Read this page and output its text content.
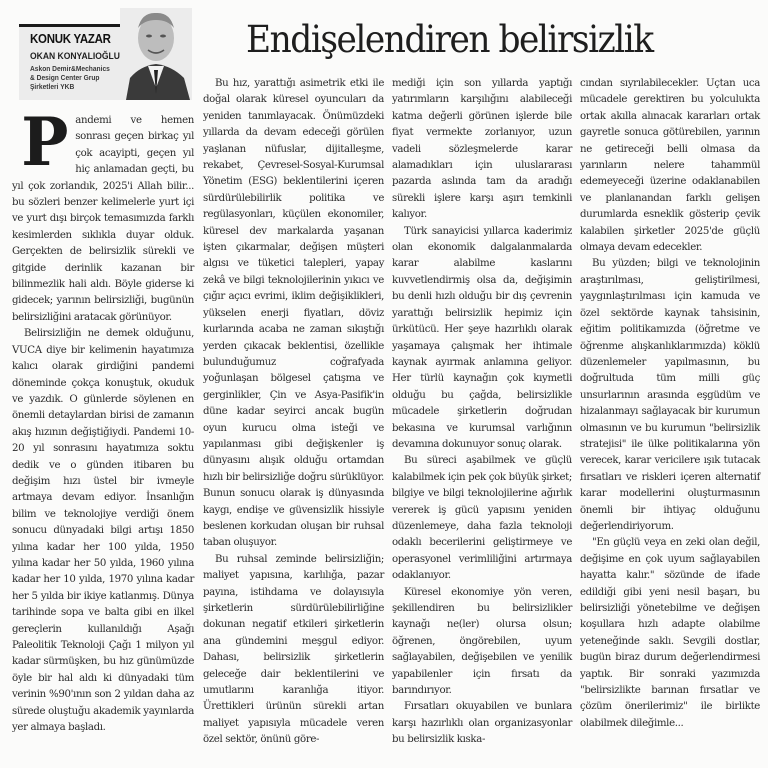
KONUK YAZAR
OKAN KONYALIOĞLU
Askon Demir&Mechanics
& Design Center Grup
Şirketleri YKB
Endişelendiren belirsizlik

Pandemi ve hemen sonrası geçen birkaç yıl çok acayipti, geçen yıl hiç anlamadan geçti, bu yıl çok zorlandık, 2025'i Allah bilir... bu sözleri benzer kelimelerle yurt içi ve yurt dışı birçok temasımızda farklı kesimlerden sıklıkla duyar olduk. Gerçekten de belirsizlik sürekli ve gitgide derinlik kazanan bir bilinmezlik hali aldı. Böyle giderse ki gidecek; yarının belirsizliği, bugünün belirsizliğini aratacak görünüyor.

Belirsizliğin ne demek olduğunu, VUCA diye bir kelimenin hayatımıza kalıcı olarak girdiğini pandemi döneminde çokça konuştuk, okuduk ve yazdık. O günlerde söylenen en önemli detaylardan birisi de zamanın akış hızının değiştiğiydi. Pandemi 10-20 yıl sonrasını hayatımıza soktu dedik ve o günden itibaren bu değişim hızı üstel bir ivmeyle artmaya devam ediyor. İnsanlığın bilim ve teknolojiye verdiği önem sonucu dünyadaki bilgi artışı 1850 yılına kadar her 100 yılda, 1950 yılına kadar her 50 yılda, 1960 yılına kadar her 10 yılda, 1970 yılına kadar her 5 yılda bir ikiye katlanmış. Dünya tarihinde sopa ve balta gibi en ilkel gereçlerin kullanıldığı Aşağı Paleolitik Teknoloji Çağı 1 milyon yıl kadar sürmüşken, bu hız günümüzde öyle bir hal aldı ki dünyadaki tüm verinin %90'ının son 2 yıldan daha az sürede oluştuğu akademik yayınlarda yer almaya başladı.

Bu hız, yarattığı asimetrik etki ile doğal olarak küresel oyuncuları da yeniden tanımlayacak. Önümüzdeki yıllarda da devam edeceği görülen yaşlanan nüfuslar, dijitalleşme, rekabet, Çevresel-Sosyal-Kurumsal Yönetim (ESG) beklentilerini içeren sürdürülebilirlik politika ve regülasyonları, küçülen ekonomiler, küresel dev markalarda yaşanan işten çıkarmalar, değişen müşteri algısı ve tüketici talepleri, yapay zekâ ve bilgi teknolojilerinin yıkıcı ve çığır açıcı evrimi, iklim değişiklikleri, yükselen enerji fiyatları, döviz kurlarında acaba ne zaman sıkıştığı yerden çıkacak beklentisi, özellikle bulunduğumuz coğrafyada yoğunlaşan bölgesel çatışma ve gerginlikler, Çin ve Asya-Pasifik'in düne kadar seyirci ancak bugün oyun kurucu olma isteği ve yapılanması gibi değişkenler iş dünyasını alışık olduğu ortamdan hızlı bir belirsizliğe doğru sürüklüyor. Bunun sonucu olarak iş dünyasında kaygı, endişe ve güvensizlik hissiyle beslenen korkudan oluşan bir ruhsal taban oluşuyor.

Bu ruhsal zeminde belirsizliğin; maliyet yapısına, karlılığa, pazar payına, istihdama ve dolayısıyla şirketlerin sürdürülebilirliğine dokunan negatif etkileri şirketlerin ana gündemini meşgul ediyor. Dahası, belirsizlik şirketlerin geleceğe dair beklentilerini ve umutlarını karanlığa itiyor. Ürettikleri ürünün sürekli artan maliyet yapısıyla mücadele veren özel sektör, önünü göre-

mediği için son yıllarda yaptığı yatırımların karşılığını alabileceği katma değerli görünen işlerde bile fiyat vermekte zorlanıyor, uzun vadeli sözleşmelerde karar alamadıkları için uluslararası pazarda aslında tam da aradığı sürekli işlere karşı aşırı temkinli kalıyor.

Türk sanayicisi yıllarca kaderimiz olan ekonomik dalgalanmalarda karar alabilme kaslarını kuvvetlendirmiş olsa da, değişimin bu denli hızlı olduğu bir dış çevrenin yarattığı belirsizlik hepimiz için ürkütücü. Her şeye hazırlıklı olarak yaşamaya çalışmak her ihtimale kaynak ayırmak anlamına geliyor. Her türlü kaynağın çok kıymetli olduğu bu çağda, belirsizlikle mücadele şirketlerin doğrudan bekasına ve kurumsal varlığının devamına dokunuyor sonuç olarak.

Bu süreci aşabilmek ve güçlü kalabilmek için pek çok büyük şirket; bilgiye ve bilgi teknolojilerine ağırlık vererek iş gücü yapısını yeniden düzenlemeye, daha fazla teknoloji odaklı becerilerini geliştirmeye ve operasyonel verimliliğini artırmaya odaklanıyor.

Küresel ekonomiye yön veren, şekillendiren bu belirsizlikler kaynağı ne(ler) olursa olsun; öğrenen, öngörebilen, uyum sağlayabilen, değişebilen ve yenilik yapabilenler için fırsatı da barındırıyor.

Fırsatları okuyabilen ve bunlara karşı hazırlıklı olan organizasyonlar bu belirsizlik kıska-

cından sıyrılabilecekler. Uçtan uca mücadele gerektiren bu yolculukta ortak akılla alınacak kararları ortak gayretle sonuca götürebilen, yarının ne getireceği belli olmasa da yarınların nelere tahammül edemeyeceği üzerine odaklanabilen ve planlanandan farklı gelişen durumlarda esneklik gösterip çevik kalabilen şirketler 2025'de güçlü olmaya devam edecekler.

Bu yüzden; bilgi ve teknolojinin araştırılması, geliştirilmesi, yaygınlaştırılması için kamuda ve özel sektörde kaynak tahsisinin, eğitim politikamızda (öğretme ve öğrenme alışkanlıklarımızda) köklü düzenlemeler yapılmasının, bu doğrultuda tüm milli güç unsurlarının arasında eşgüdüm ve hizalanmayı sağlayacak bir kurumun olmasının ve bu kurumun "belirsizlik stratejisi" ile ülke politikalarına yön verecek, karar vericilere ışık tutacak fırsatları ve riskleri içeren alternatif karar modellerini oluşturmasının önemli bir ihtiyaç olduğunu değerlendiriyorum.

"En güçlü veya en zeki olan değil, değişime en çok uyum sağlayabilen hayatta kalır." sözünde de ifade edildiği gibi yeni nesil başarı, bu belirsizliği yönetebilme ve değişen koşullara hızlı adapte olabilme yeteneğinde saklı. Sevgili dostlar, bugün biraz durum değerlendirmesi yaptık. Bir sonraki yazımızda "belirsizlikte barınan fırsatlar ve çözüm önerilerimiz" ile birlikte olabilmek dileğimle...
